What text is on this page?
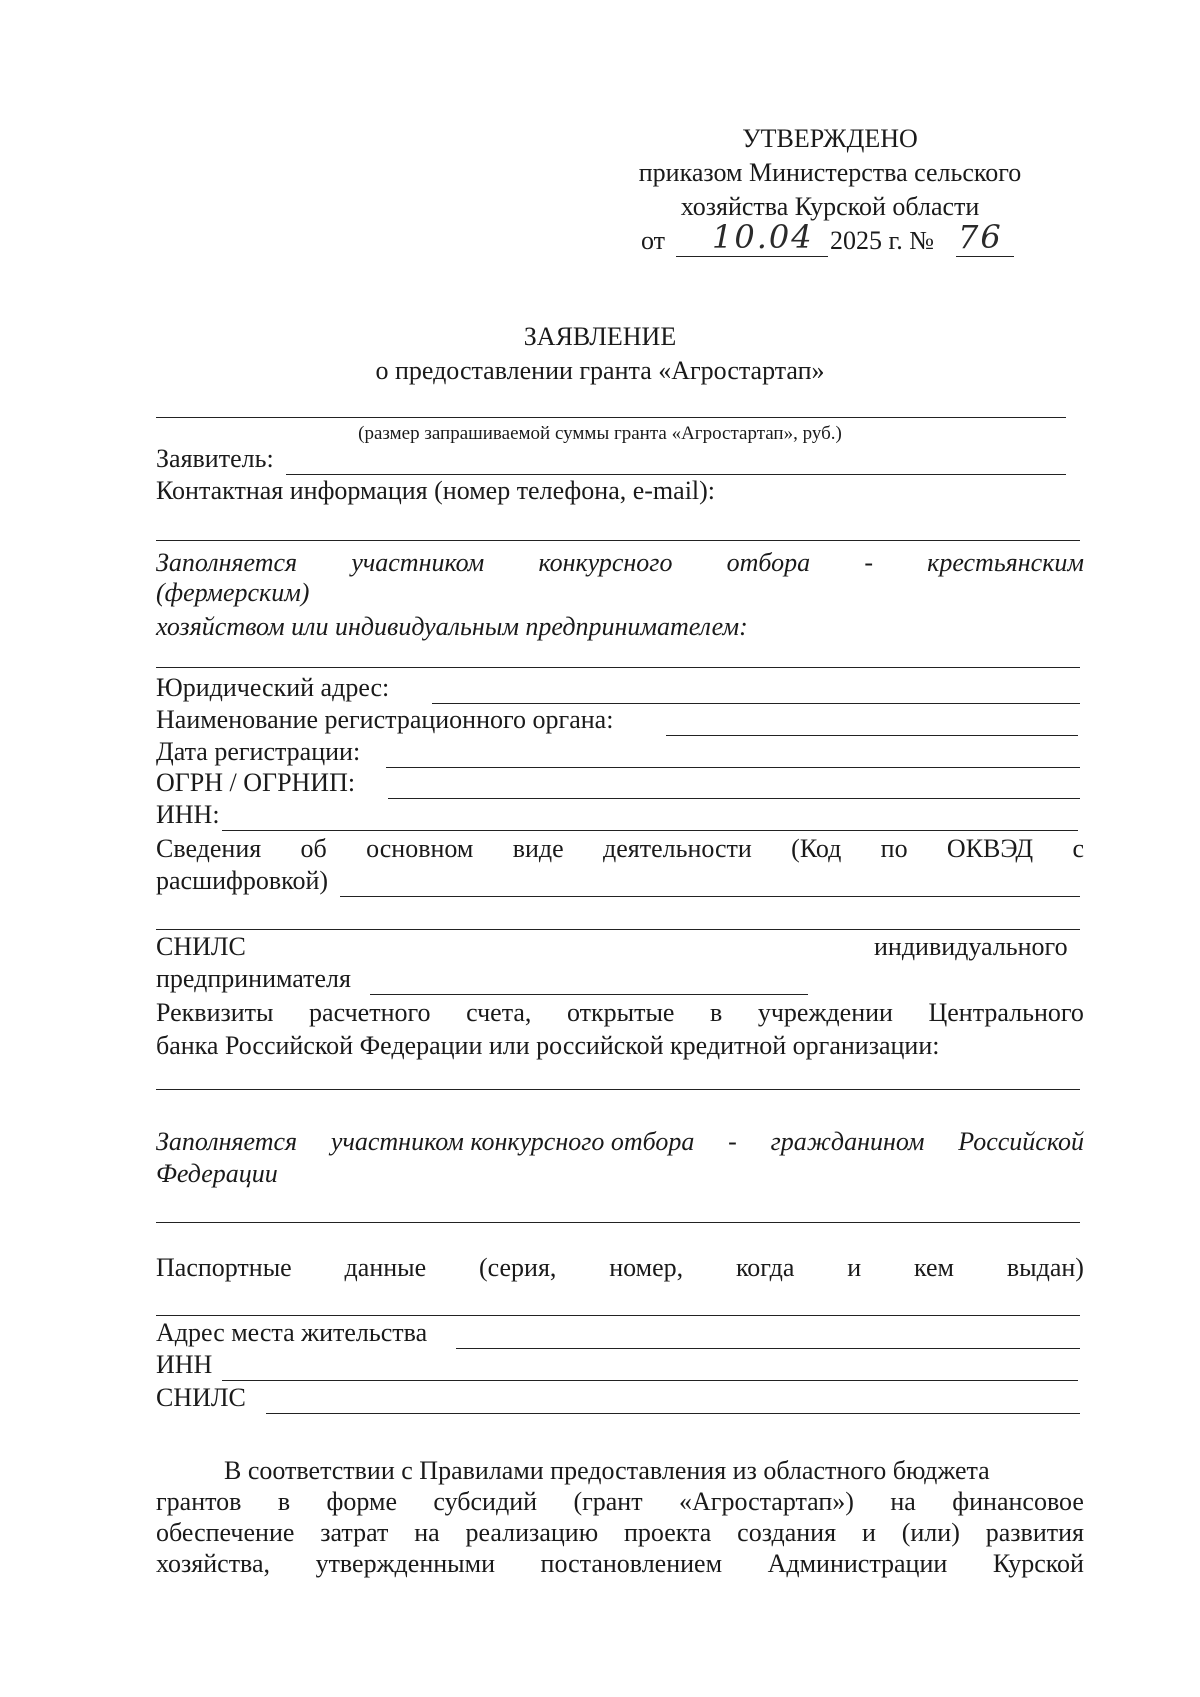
УТВЕРЖДЕНО
приказом Министерства сельского
хозяйства Курской области
от 10.04 2025 г. № 76
ЗАЯВЛЕНИЕ
о предоставлении гранта «Агростартап»
(размер запрашиваемой суммы гранта «Агростартап», руб.)
Заявитель:
Контактная информация (номер телефона, e-mail):
Заполняется участником конкурсного отбора - крестьянским
(фермерским)
хозяйством или индивидуальным предпринимателем:
Юридический адрес:
Наименование регистрационного органа:
Дата регистрации:
ОГРН / ОГРНИП:
ИНН:
Сведения об основном виде деятельности (Код по ОКВЭД с
расшифровкой)
СНИЛС	индивидуального
предпринимателя
Реквизиты расчетного счета, открытые в учреждении Центрального
банка Российской Федерации или российской кредитной организации:
Заполняется участником конкурсного отбора - гражданином Российской
Федерации
Паспортные данные (серия, номер, когда и кем выдан)
Адрес места жительства
ИНН
СНИЛС
В соответствии с Правилами предоставления из областного бюджета
грантов в форме субсидий (грант «Агростартап») на финансовое
обеспечение затрат на реализацию проекта создания и (или) развития
хозяйства, утвержденными постановлением Администрации Курской
